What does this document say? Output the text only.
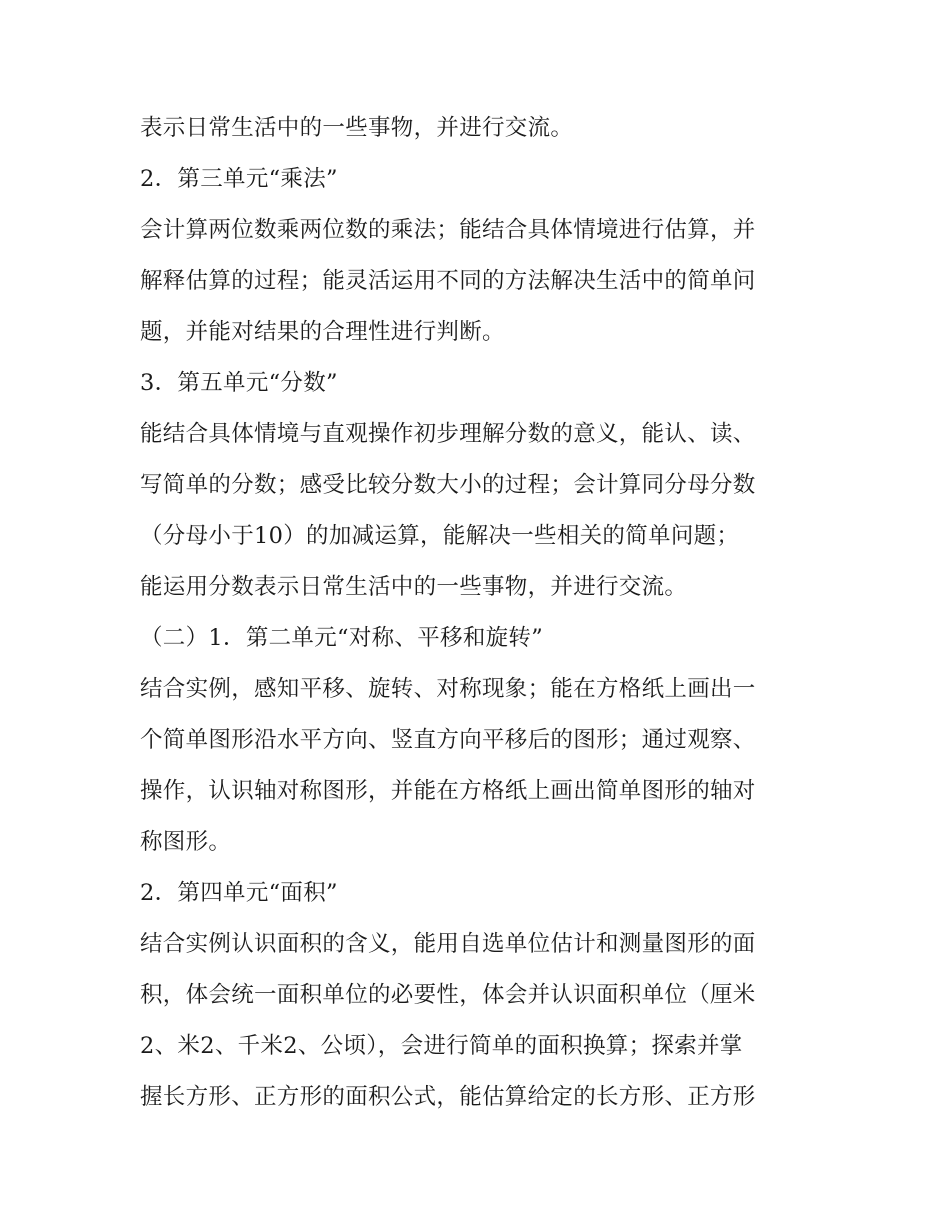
表示日常生活中的一些事物，并进行交流。
2．第三单元“乘法”
会计算两位数乘两位数的乘法；能结合具体情境进行估算，并
解释估算的过程；能灵活运用不同的方法解决生活中的简单问
题，并能对结果的合理性进行判断。
3．第五单元“分数”
能结合具体情境与直观操作初步理解分数的意义，能认、读、
写简单的分数；感受比较分数大小的过程；会计算同分母分数
（分母小于10）的加减运算，能解决一些相关的简单问题；
能运用分数表示日常生活中的一些事物，并进行交流。
（二）1．第二单元“对称、平移和旋转”
结合实例，感知平移、旋转、对称现象；能在方格纸上画出一
个简单图形沿水平方向、竖直方向平移后的图形；通过观察、
操作，认识轴对称图形，并能在方格纸上画出简单图形的轴对
称图形。
2．第四单元“面积”
结合实例认识面积的含义，能用自选单位估计和测量图形的面
积，体会统一面积单位的必要性，体会并认识面积单位（厘米
2、米2、千米2、公顷），会进行简单的面积换算；探索并掌
握长方形、正方形的面积公式，能估算给定的长方形、正方形
